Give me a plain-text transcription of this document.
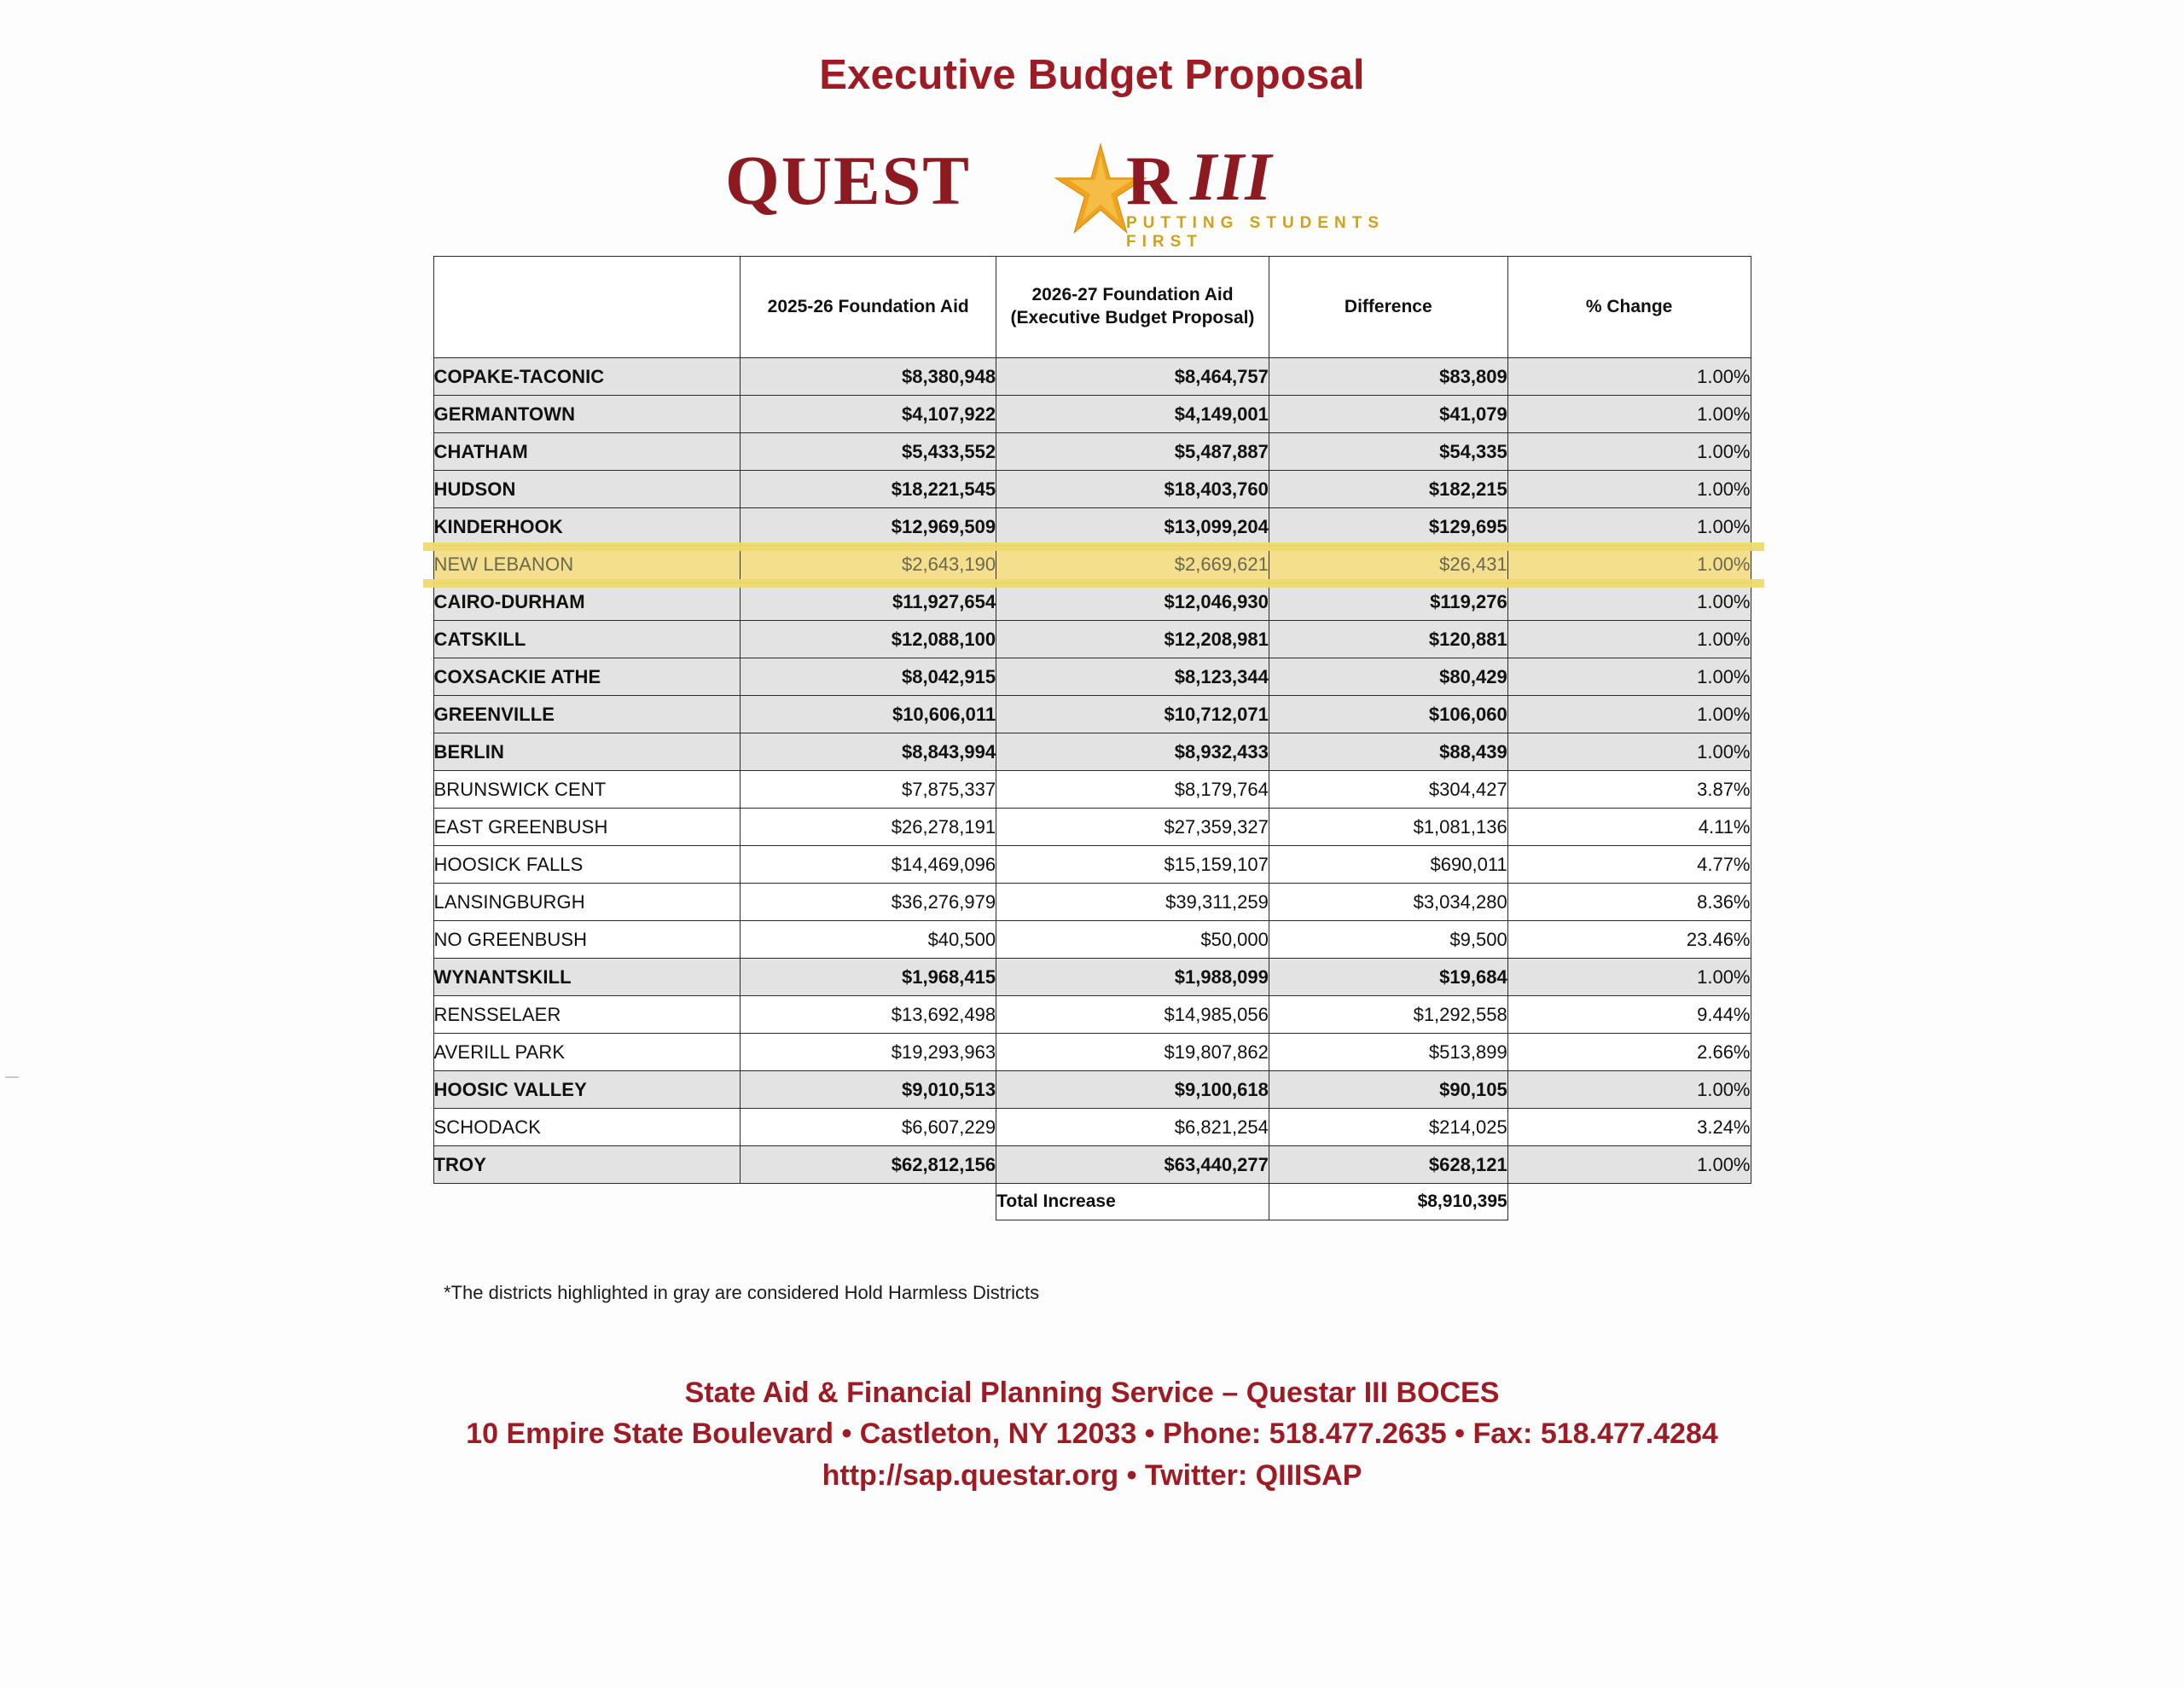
Executive Budget Proposal
QUEST R III
PUTTING STUDENTS FIRST
	2025-26 Foundation Aid	2026-27 Foundation Aid (Executive Budget Proposal)	Difference	% Change
COPAKE-TACONIC	$8,380,948	$8,464,757	$83,809	1.00%
GERMANTOWN	$4,107,922	$4,149,001	$41,079	1.00%
CHATHAM	$5,433,552	$5,487,887	$54,335	1.00%
HUDSON	$18,221,545	$18,403,760	$182,215	1.00%
KINDERHOOK	$12,969,509	$13,099,204	$129,695	1.00%
NEW LEBANON	$2,643,190	$2,669,621	$26,431	1.00%
CAIRO-DURHAM	$11,927,654	$12,046,930	$119,276	1.00%
CATSKILL	$12,088,100	$12,208,981	$120,881	1.00%
COXSACKIE ATHE	$8,042,915	$8,123,344	$80,429	1.00%
GREENVILLE	$10,606,011	$10,712,071	$106,060	1.00%
BERLIN	$8,843,994	$8,932,433	$88,439	1.00%
BRUNSWICK CENT	$7,875,337	$8,179,764	$304,427	3.87%
EAST GREENBUSH	$26,278,191	$27,359,327	$1,081,136	4.11%
HOOSICK FALLS	$14,469,096	$15,159,107	$690,011	4.77%
LANSINGBURGH	$36,276,979	$39,311,259	$3,034,280	8.36%
NO GREENBUSH	$40,500	$50,000	$9,500	23.46%
WYNANTSKILL	$1,968,415	$1,988,099	$19,684	1.00%
RENSSELAER	$13,692,498	$14,985,056	$1,292,558	9.44%
AVERILL PARK	$19,293,963	$19,807,862	$513,899	2.66%
HOOSIC VALLEY	$9,010,513	$9,100,618	$90,105	1.00%
SCHODACK	$6,607,229	$6,821,254	$214,025	3.24%
TROY	$62,812,156	$63,440,277	$628,121	1.00%
		Total Increase	$8,910,395	
*The districts highlighted in gray are considered Hold Harmless Districts
State Aid & Financial Planning Service – Questar III BOCES
10 Empire State Boulevard • Castleton, NY 12033 • Phone: 518.477.2635 • Fax: 518.477.4284
http://sap.questar.org • Twitter: QIIISAP
